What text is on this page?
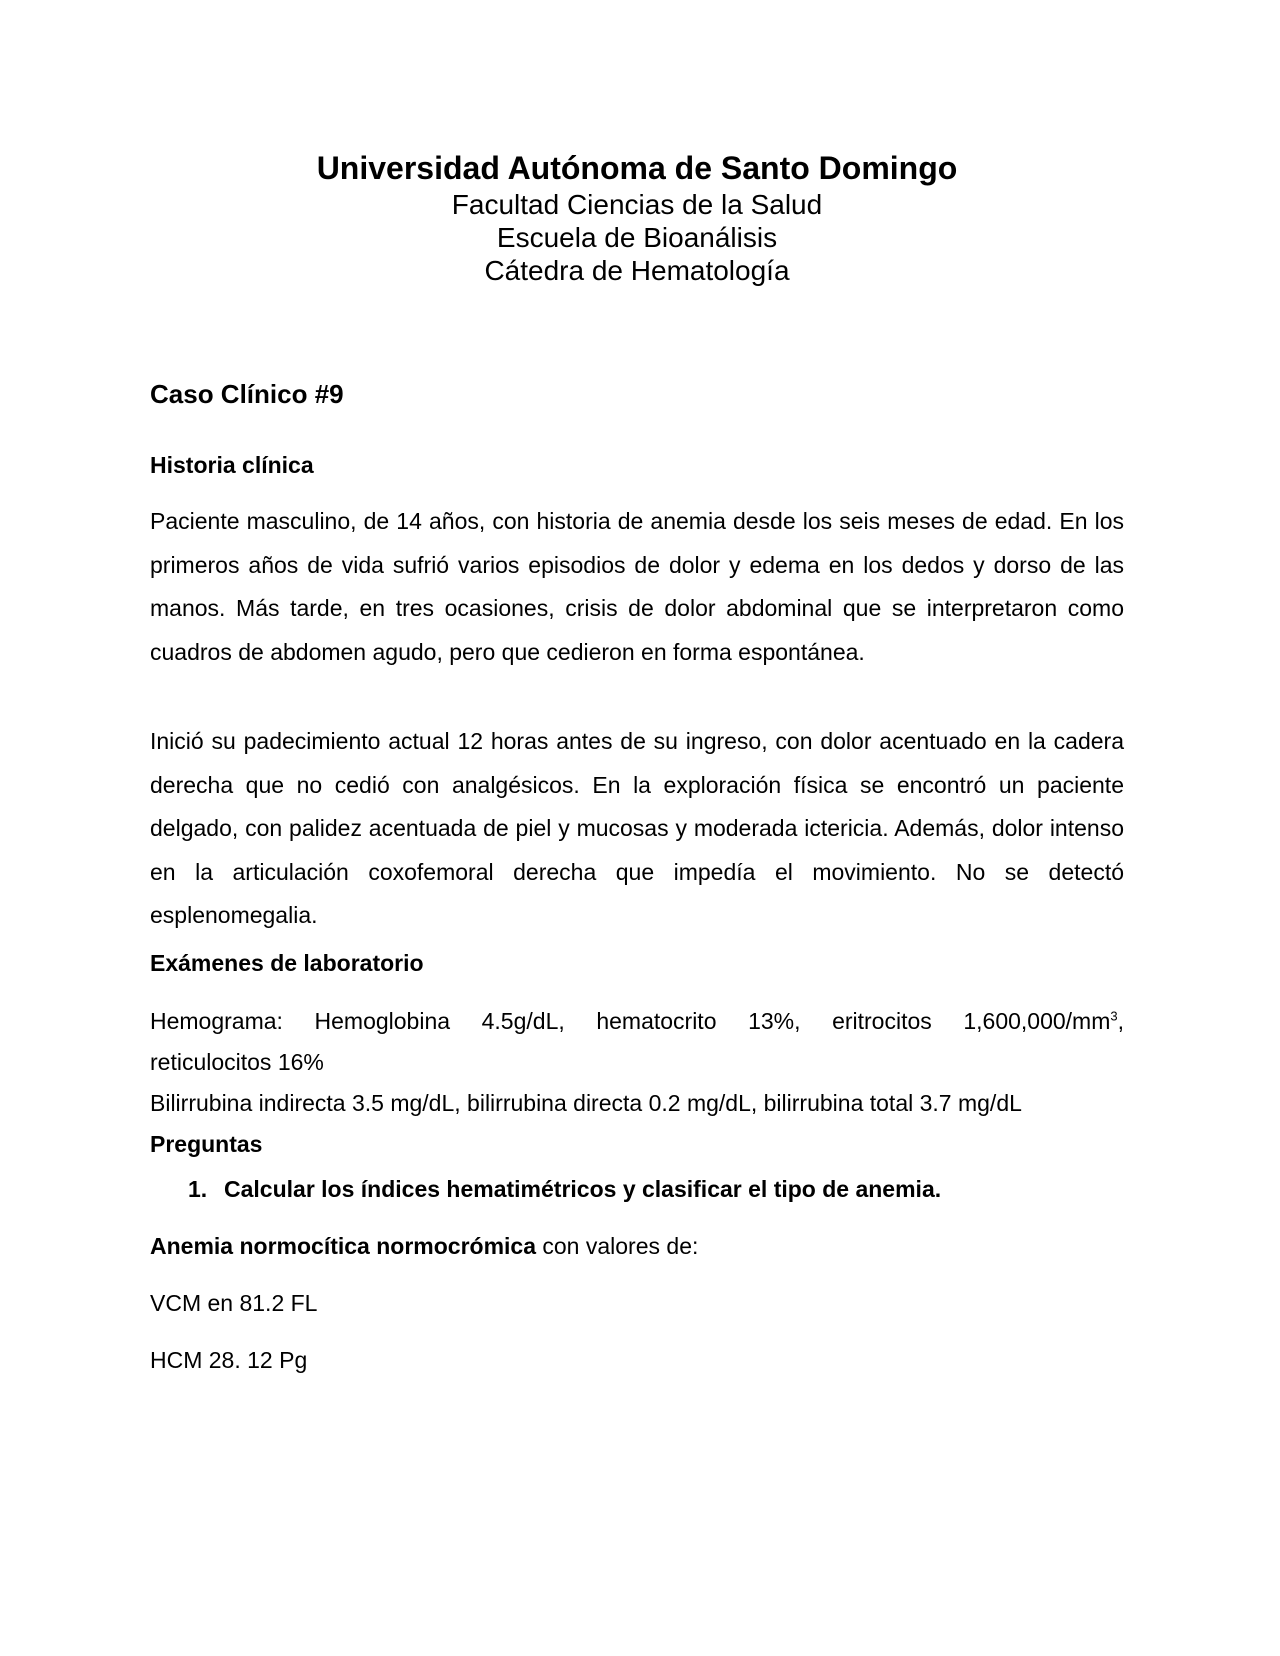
Universidad Autónoma de Santo Domingo

Facultad Ciencias de la Salud

Escuela de Bioanálisis

Cátedra de Hematología

Caso Clínico #9

Historia clínica

Paciente masculino, de 14 años, con historia de anemia desde los seis meses de edad. En los primeros años de vida sufrió varios episodios de dolor y edema en los dedos y dorso de las manos. Más tarde, en tres ocasiones, crisis de dolor abdominal que se interpretaron como cuadros de abdomen agudo, pero que cedieron en forma espontánea.

Inició su padecimiento actual 12 horas antes de su ingreso, con dolor acentuado en la cadera derecha que no cedió con analgésicos. En la exploración física se encontró un paciente delgado, con palidez acentuada de piel y mucosas y moderada ictericia. Además, dolor intenso en la articulación coxofemoral derecha que impedía el movimiento. No se detectó esplenomegalia.

Exámenes de laboratorio

Hemograma: Hemoglobina 4.5g/dL, hematocrito 13%, eritrocitos $1,600,000/mm^3$,

reticulocitos 16%

Bilirrubina indirecta 3.5 mg/dL, bilirrubina directa 0.2 mg/dL, bilirrubina total 3.7 mg/dL

Preguntas

1. Calcular los índices hematimétricos y clasificar el tipo de anemia.

Anemia normocítica normocrómica con valores de:

VCM en 81.2 FL

HCM 28. 12 Pg
